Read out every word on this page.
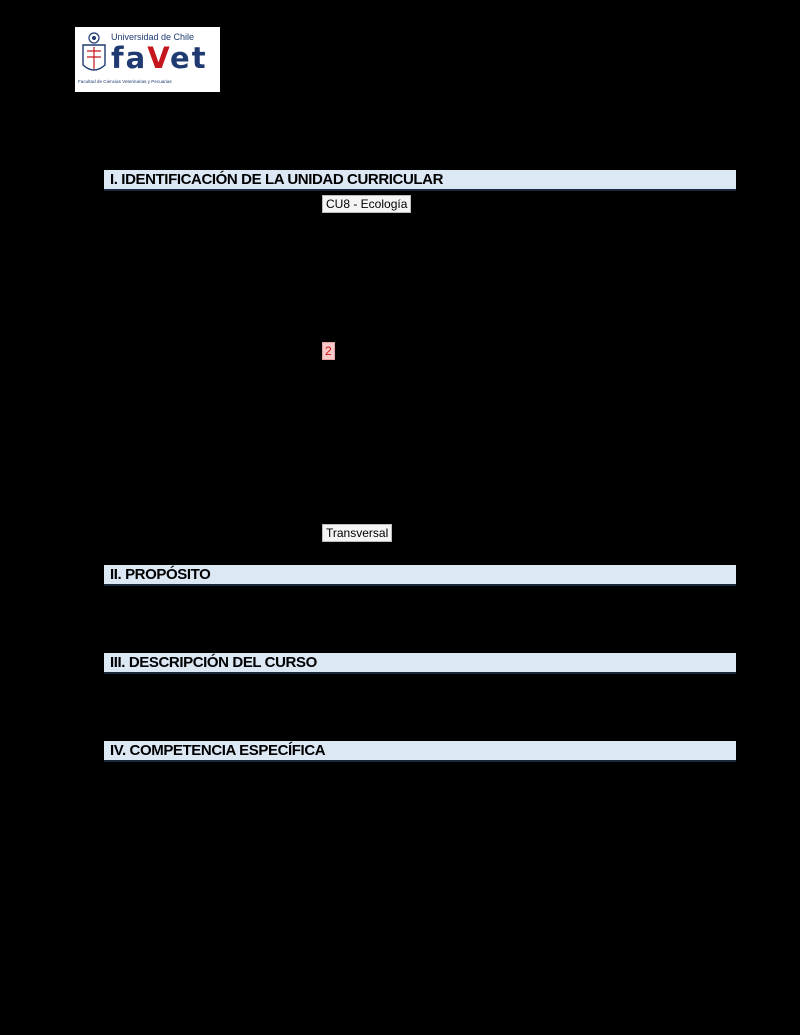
Universidad de Chile
faVet
Facultad de Ciencias Veterinarias y Pecuarias
I. IDENTIFICACIÓN DE LA UNIDAD CURRICULAR
CU8 - Ecología
2
Transversal
II. PROPÓSITO
III. DESCRIPCIÓN DEL CURSO
IV. COMPETENCIA ESPECÍFICA
